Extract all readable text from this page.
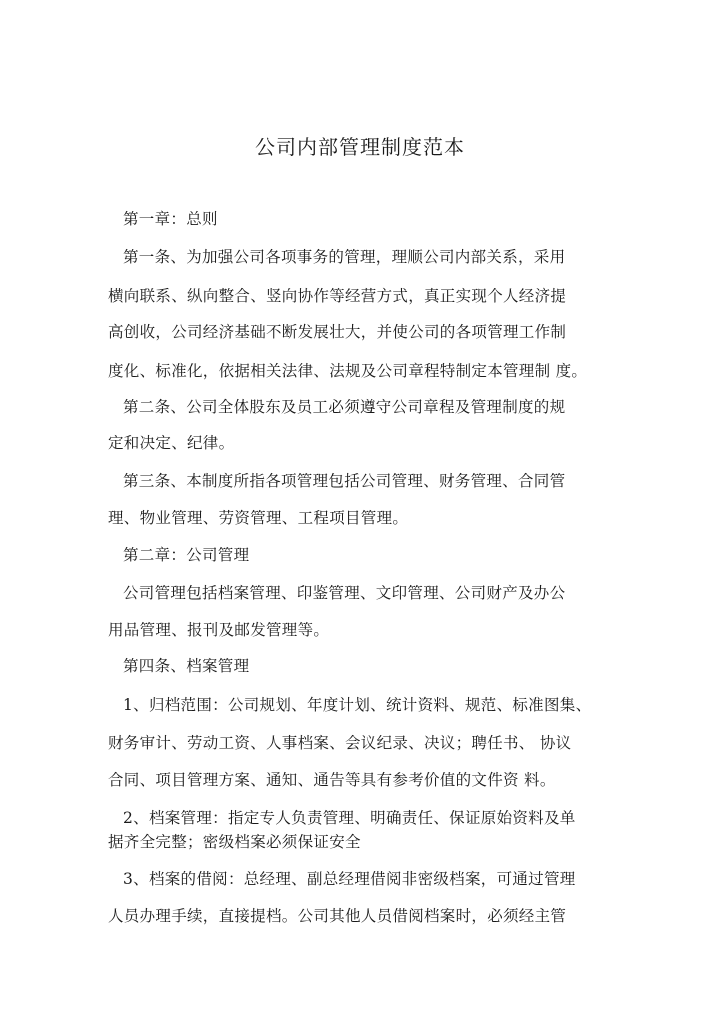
公司内部管理制度范本
第一章：总则
第一条、为加强公司各项事务的管理，理顺公司内部关系，采用
横向联系、纵向整合、竖向协作等经营方式，真正实现个人经济提
高创收，公司经济基础不断发展壮大，并使公司的各项管理工作制
度化、标准化，依据相关法律、法规及公司章程特制定本管理制 度。
第二条、公司全体股东及员工必须遵守公司章程及管理制度的规
定和决定、纪律。
第三条、本制度所指各项管理包括公司管理、财务管理、合同管
理、物业管理、劳资管理、工程项目管理。
第二章：公司管理
公司管理包括档案管理、印鉴管理、文印管理、公司财产及办公
用品管理、报刊及邮发管理等。
第四条、档案管理
1、归档范围：公司规划、年度计划、统计资料、规范、标准图集、
财务审计、劳动工资、人事档案、会议纪录、决议；聘任书、 协议
合同、项目管理方案、通知、通告等具有参考价值的文件资 料。
2、档案管理：指定专人负责管理、明确责任、保证原始资料及单
据齐全完整；密级档案必须保证安全
3、档案的借阅：总经理、副总经理借阅非密级档案，可通过管理
人员办理手续，直接提档。公司其他人员借阅档案时，必须经主管
